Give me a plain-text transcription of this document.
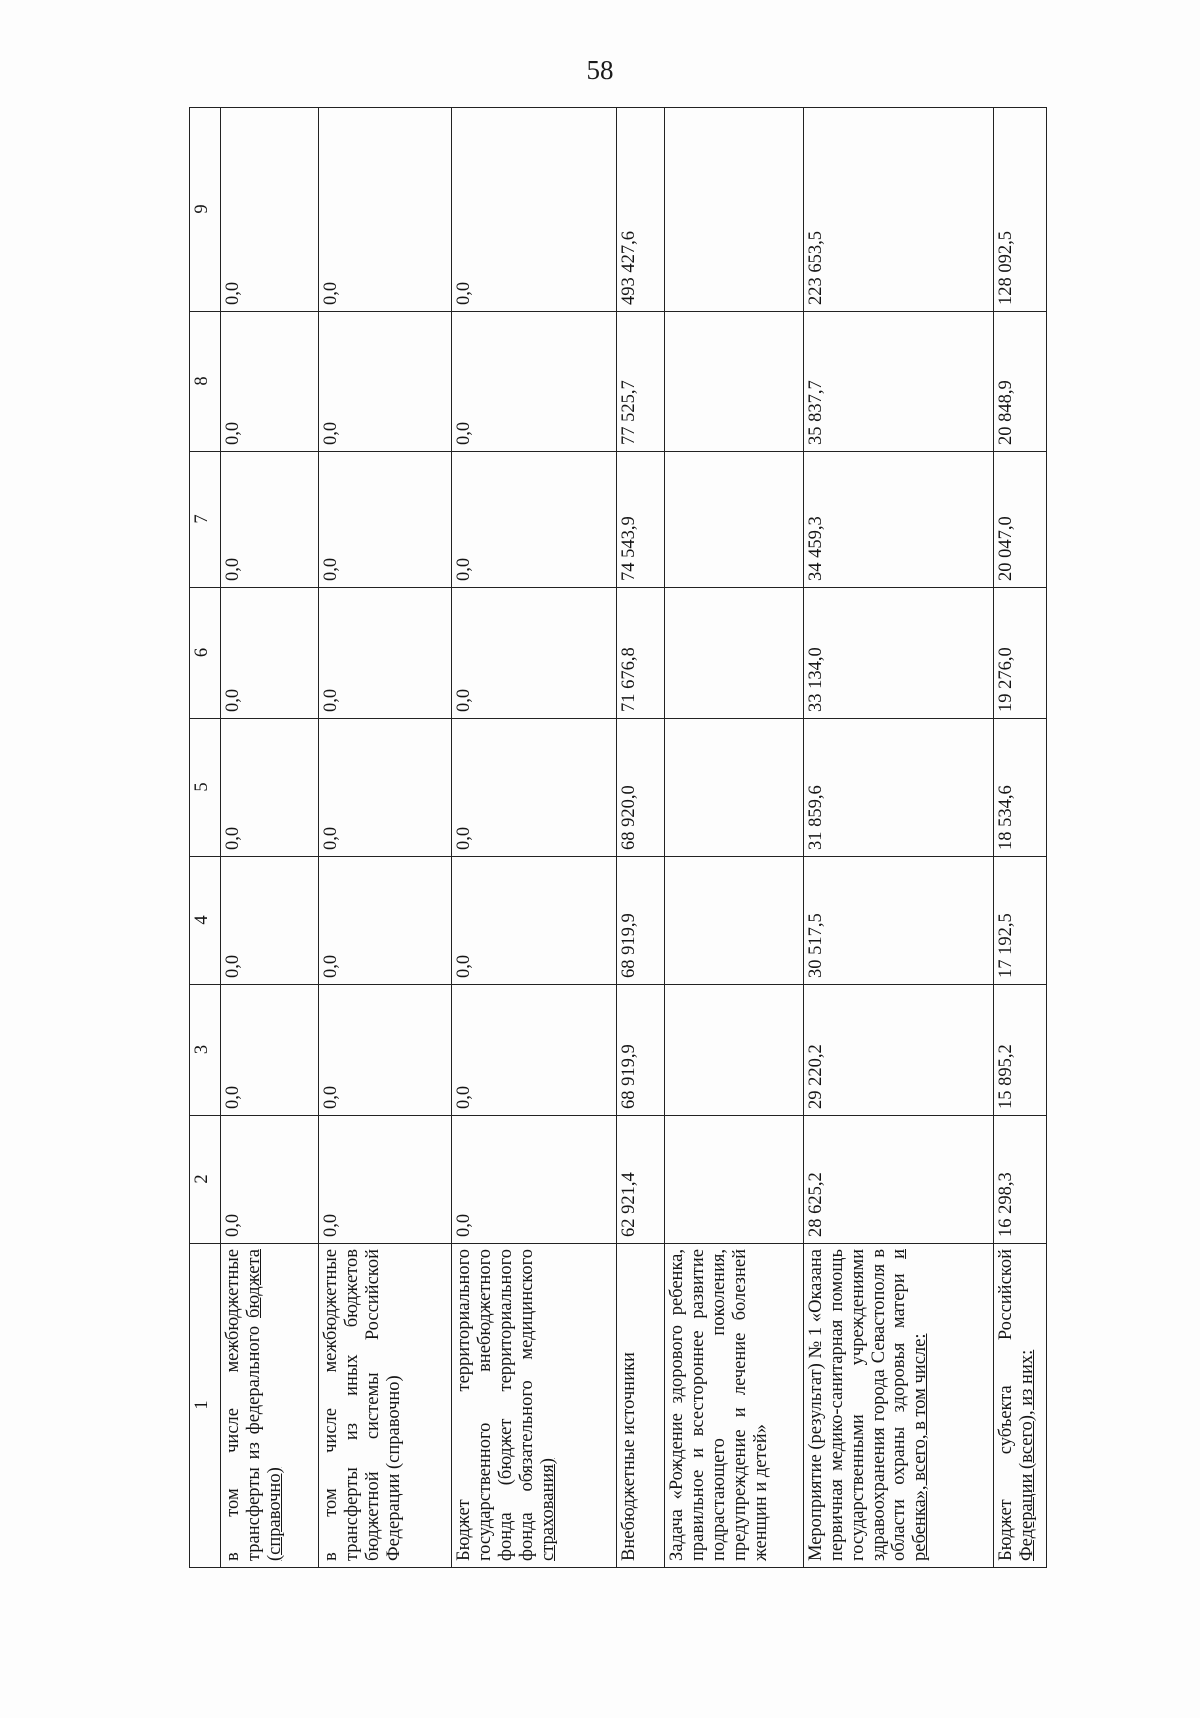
58
1	2	3	4	5	6	7	8	9
в том числе межбюджетные трансферты из федерального бюджета (справочно)	0,0	0,0	0,0	0,0	0,0	0,0	0,0	0,0
в том числе межбюджетные трансферты из иных бюджетов бюджетной системы Российской Федерации (справочно)	0,0	0,0	0,0	0,0	0,0	0,0	0,0	0,0
Бюджет территориального государственного внебюджетного фонда (бюджет территориального фонда обязательного медицинского страхования)	0,0	0,0	0,0	0,0	0,0	0,0	0,0	0,0
Внебюджетные источники	62 921,4	68 919,9	68 919,9	68 920,0	71 676,8	74 543,9	77 525,7	493 427,6
Задача «Рождение здорового ребенка, правильное и всестороннее развитие подрастающего поколения, предупреждение и лечение болезней женщин и детей»								
Мероприятие (результат) № 1 «Оказана первичная медико-санитарная помощь государственными учреждениями здравоохранения города Севастополя в области охраны здоровья матери и ребенка», всего, в том числе:	28 625,2	29 220,2	30 517,5	31 859,6	33 134,0	34 459,3	35 837,7	223 653,5
Бюджет субъекта Российской Федерации (всего), из них:	16 298,3	15 895,2	17 192,5	18 534,6	19 276,0	20 047,0	20 848,9	128 092,5
